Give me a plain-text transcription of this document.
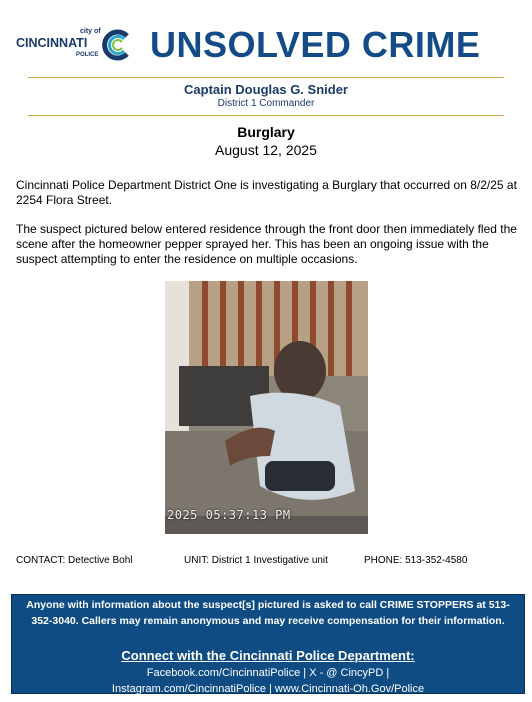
city of
CINCINNATI
POLICE UNSOLVED CRIME
Captain Douglas G. Snider
District 1 Commander
Burglary
August 12, 2025
Cincinnati Police Department District One is investigating a Burglary that occurred on 8/2/25 at 2254 Flora Street.
The suspect pictured below entered residence through the front door then immediately fled the scene after the homeowner pepper sprayed her. This has been an ongoing issue with the suspect attempting to enter the residence on multiple occasions.
2025 05:37:13 PM
CONTACT: Detective Bohl	UNIT: District 1 Investigative unit	PHONE: 513-352-4580
Anyone with information about the suspect[s] pictured is asked to call CRIME STOPPERS at 513-352-3040. Callers may remain anonymous and may receive compensation for their information.
Connect with the Cincinnati Police Department:
Facebook.com/CincinnatiPolice | X - @ CincyPD |
Instagram.com/CincinnatiPolice | www.Cincinnati-Oh.Gov/Police
